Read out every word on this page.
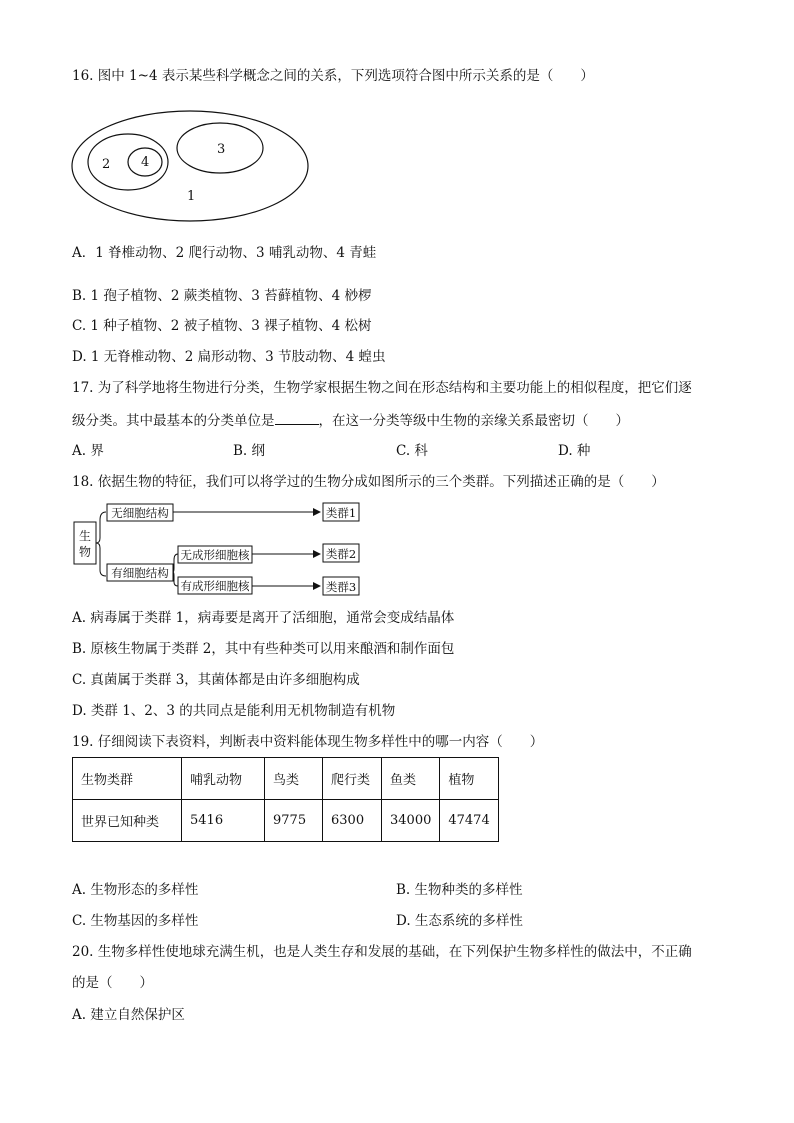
16. 图中 1~4 表示某些科学概念之间的关系，下列选项符合图中所示关系的是（　　）
1
2 4
3
A．1 脊椎动物、2 爬行动物、3 哺乳动物、4 青蛙
B. 1 孢子植物、2 蕨类植物、3 苔藓植物、4 桫椤
C. 1 种子植物、2 被子植物、3 裸子植物、4 松树
D. 1 无脊椎动物、2 扁形动物、3 节肢动物、4 蝗虫
17. 为了科学地将生物进行分类，生物学家根据生物之间在形态结构和主要功能上的相似程度，把它们逐
级分类。其中最基本的分类单位是	，在这一分类等级中生物的亲缘关系最密切（　　）
A. 界	B. 纲	C. 科	D. 种
18. 依据生物的特征，我们可以将学过的生物分成如图所示的三个类群。下列描述正确的是（　　）
生
物
无细胞结构	类群1
有细胞结构
无成形细胞核	类群2
有成形细胞核	类群3
A. 病毒属于类群 1，病毒要是离开了活细胞，通常会变成结晶体
B. 原核生物属于类群 2，其中有些种类可以用来酿酒和制作面包
C. 真菌属于类群 3，其菌体都是由许多细胞构成
D. 类群 1、2、3 的共同点是能利用无机物制造有机物
19. 仔细阅读下表资料，判断表中资料能体现生物多样性中的哪一内容（　　）
生物类群	哺乳动物	鸟类	爬行类	鱼类	植物
世界已知种类	5416	9775	6300	34000	47474
A. 生物形态的多样性	B. 生物种类的多样性
C. 生物基因的多样性	D. 生态系统的多样性
20. 生物多样性使地球充满生机，也是人类生存和发展的基础，在下列保护生物多样性的做法中，不正确
的是（　　）
A. 建立自然保护区
